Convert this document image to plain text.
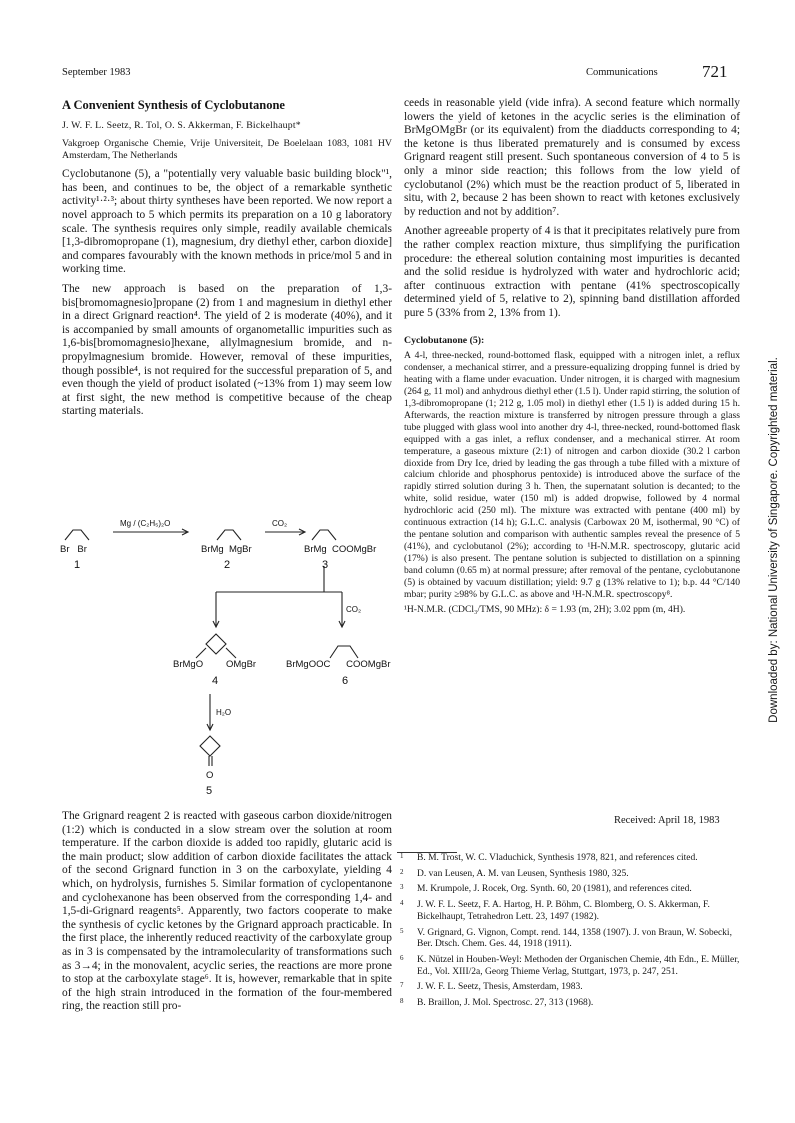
September 1983	Communications	721

A Convenient Synthesis of Cyclobutanone

J. W. F. L. Seetz, R. Tol, O. S. Akkerman, F. Bickelhaupt*

Vakgroep Organische Chemie, Vrije Universiteit, De Boelelaan 1083, 1081 HV Amsterdam, The Netherlands

Cyclobutanone (5), a "potentially very valuable basic building block"¹, has been, and continues to be, the object of a remarkable synthetic activity¹·²·³; about thirty syntheses have been reported. We now report a novel approach to 5 which permits its preparation on a 10 g laboratory scale. The synthesis requires only simple, readily available chemicals [1,3-dibromopropane (1), magnesium, dry diethyl ether, carbon dioxide] and compares favourably with the known methods in price/mol 5 and in working time.

The new approach is based on the preparation of 1,3-bis[bromomagnesio]propane (2) from 1 and magnesium in diethyl ether in a direct Grignard reaction⁴. The yield of 2 is moderate (40%), and it is accompanied by small amounts of organometallic impurities such as 1,6-bis[bromomagnesio]hexane, allylmagnesium bromide, and n-propylmagnesium bromide. However, removal of these impurities, though possible⁴, is not required for the successful preparation of 5, and even though the yield of product isolated (~13% from 1) may seem low at first sight, the new method is competitive because of the cheap starting materials.

Br   Br
1
Mg / (C₂H₅)₂O
BrMg  MgBr
2
CO₂
BrMg  COOMgBr
3
CO₂
BrMgO OMgBr
4
BrMgOOC      COOMgBr
6
H₂O
O
5

The Grignard reagent 2 is reacted with gaseous carbon dioxide/nitrogen (1:2) which is conducted in a slow stream over the solution at room temperature. If the carbon dioxide is added too rapidly, glutaric acid is the main product; slow addition of carbon dioxide facilitates the attack of the second Grignard function in 3 on the carboxylate, yielding 4 which, on hydrolysis, furnishes 5. Similar formation of cyclopentanone and cyclohexanone has been observed from the corresponding 1,4- and 1,5-di-Grignard reagents⁵. Apparently, two factors cooperate to make the synthesis of cyclic ketones by the Grignard approach practicable. In the first place, the inherently reduced reactivity of the carboxylate group as in 3 is compensated by the intramolecularity of transformations such as 3→4; in the monovalent, acyclic series, the reactions are more prone to stop at the carboxylate stage⁶. It is, however, remarkable that in spite of the high strain introduced in the formation of the four-membered ring, the reaction still pro-

ceeds in reasonable yield (vide infra). A second feature which normally lowers the yield of ketones in the acyclic series is the elimination of BrMgOMgBr (or its equivalent) from the diadducts corresponding to 4; the ketone is thus liberated prematurely and is consumed by excess Grignard reagent still present. Such spontaneous conversion of 4 to 5 is only a minor side reaction; this follows from the low yield of cyclobutanol (2%) which must be the reaction product of 5, liberated in situ, with 2, because 2 has been shown to react with ketones exclusively by reduction and not by addition⁷.

Another agreeable property of 4 is that it precipitates relatively pure from the rather complex reaction mixture, thus simplifying the purification procedure: the ethereal solution containing most impurities is decanted and the solid residue is hydrolyzed with water and hydrochloric acid; after continuous extraction with pentane (41% spectroscopically determined yield of 5, relative to 2), spinning band distillation afforded pure 5 (33% from 2, 13% from 1).

Cyclobutanone (5):

A 4-l, three-necked, round-bottomed flask, equipped with a nitrogen inlet, a reflux condenser, a mechanical stirrer, and a pressure-equalizing dropping funnel is dried by heating with a flame under evacuation. Under nitrogen, it is charged with magnesium (264 g, 11 mol) and anhydrous diethyl ether (1.5 l). Under rapid stirring, the solution of 1,3-dibromopropane (1; 212 g, 1.05 mol) in diethyl ether (1.5 l) is added during 15 h. Afterwards, the reaction mixture is transferred by nitrogen pressure through a glass tube plugged with glass wool into another dry 4-l, three-necked, round-bottomed flask equipped with a gas inlet, a reflux condenser, and a mechanical stirrer. At room temperature, a gaseous mixture (2:1) of nitrogen and carbon dioxide (30.2 l carbon dioxide from Dry Ice, dried by leading the gas through a tube filled with a mixture of calcium chloride and phosphorus pentoxide) is introduced above the surface of the rapidly stirred solution during 3 h. Then, the supernatant solution is decanted; to the white, solid residue, water (150 ml) is added dropwise, followed by 4 normal hydrochloric acid (250 ml). The mixture was extracted with pentane (400 ml) by continuous extraction (14 h); G.L.C. analysis (Carbowax 20 M, isothermal, 90 °C) of the pentane solution and comparison with authentic samples reveal the presence of 5 (41%), and cyclobutanol (2%); according to ¹H-N.M.R. spectroscopy, glutaric acid (17%) is also present. The pentane solution is subjected to distillation on a spinning band column (0.65 m) at normal pressure; after removal of the pentane, cyclobutanone (5) is obtained by vacuum distillation; yield: 9.7 g (13% relative to 1); b.p. 44 °C/140 mbar; purity ≥98% by G.L.C. as above and ¹H-N.M.R. spectroscopy⁸.

¹H-N.M.R. (CDCl₃/TMS, 90 MHz): δ = 1.93 (m, 2H); 3.02 ppm (m, 4H).

Received: April 18, 1983
1 B. M. Trost, W. C. Vladuchick, Synthesis 1978, 821, and references cited.
2 D. van Leusen, A. M. van Leusen, Synthesis 1980, 325.
3 M. Krumpole, J. Rocek, Org. Synth. 60, 20 (1981), and references cited.
4 J. W. F. L. Seetz, F. A. Hartog, H. P. Böhm, C. Blomberg, O. S. Akkerman, F. Bickelhaupt, Tetrahedron Lett. 23, 1497 (1982).
5 V. Grignard, G. Vignon, Compt. rend. 144, 1358 (1907). J. von Braun, W. Sobecki, Ber. Dtsch. Chem. Ges. 44, 1918 (1911).
6 K. Nützel in Houben-Weyl: Methoden der Organischen Chemie, 4th Edn., E. Müller, Ed., Vol. XIII/2a, Georg Thieme Verlag, Stuttgart, 1973, p. 247, 251.
7 J. W. F. L. Seetz, Thesis, Amsterdam, 1983.
8 B. Braillon, J. Mol. Spectrosc. 27, 313 (1968).
Downloaded by: National University of Singapore. Copyrighted material.
